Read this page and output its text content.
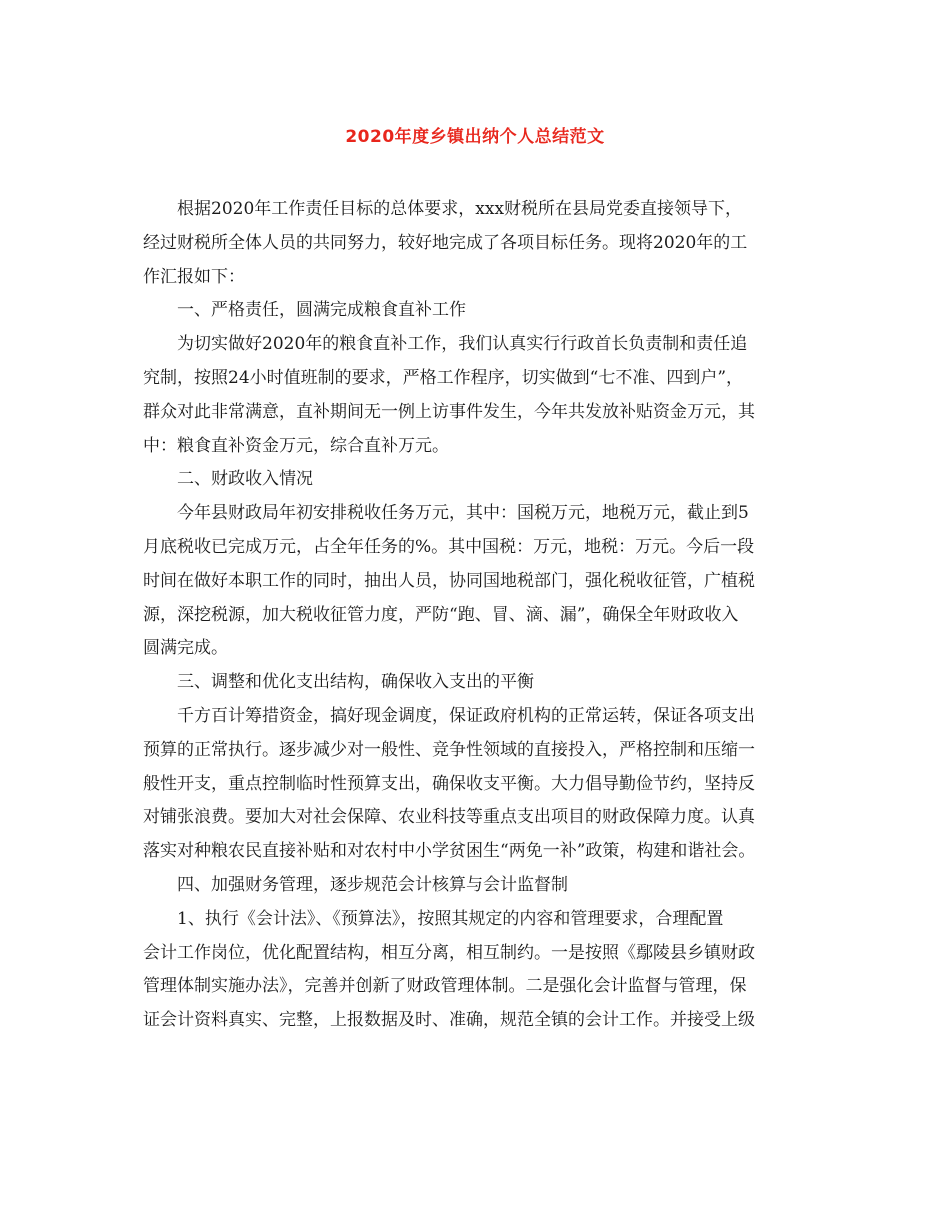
2020年度乡镇出纳个人总结范文
根据2020年工作责任目标的总体要求，xxx财税所在县局党委直接领导下，
经过财税所全体人员的共同努力，较好地完成了各项目标任务。现将2020年的工
作汇报如下：
一、严格责任，圆满完成粮食直补工作
为切实做好2020年的粮食直补工作，我们认真实行行政首长负责制和责任追
究制，按照24小时值班制的要求，严格工作程序，切实做到“七不准、四到户”，
群众对此非常满意，直补期间无一例上访事件发生，今年共发放补贴资金万元，其
中：粮食直补资金万元，综合直补万元。
二、财政收入情况
今年县财政局年初安排税收任务万元，其中：国税万元，地税万元，截止到5
月底税收已完成万元，占全年任务的%。其中国税：万元，地税：万元。今后一段
时间在做好本职工作的同时，抽出人员，协同国地税部门，强化税收征管，广植税
源，深挖税源，加大税收征管力度，严防“跑、冒、滴、漏”，确保全年财政收入
圆满完成。
三、调整和优化支出结构，确保收入支出的平衡
千方百计筹措资金，搞好现金调度，保证政府机构的正常运转，保证各项支出
预算的正常执行。逐步减少对一般性、竞争性领域的直接投入，严格控制和压缩一
般性开支，重点控制临时性预算支出，确保收支平衡。大力倡导勤俭节约，坚持反
对铺张浪费。要加大对社会保障、农业科技等重点支出项目的财政保障力度。认真
落实对种粮农民直接补贴和对农村中小学贫困生“两免一补”政策，构建和谐社会。
四、加强财务管理，逐步规范会计核算与会计监督制
1、执行《会计法》、《预算法》，按照其规定的内容和管理要求，合理配置
会计工作岗位，优化配置结构，相互分离，相互制约。一是按照《鄢陵县乡镇财政
管理体制实施办法》，完善并创新了财政管理体制。二是强化会计监督与管理，保
证会计资料真实、完整，上报数据及时、准确，规范全镇的会计工作。并接受上级
